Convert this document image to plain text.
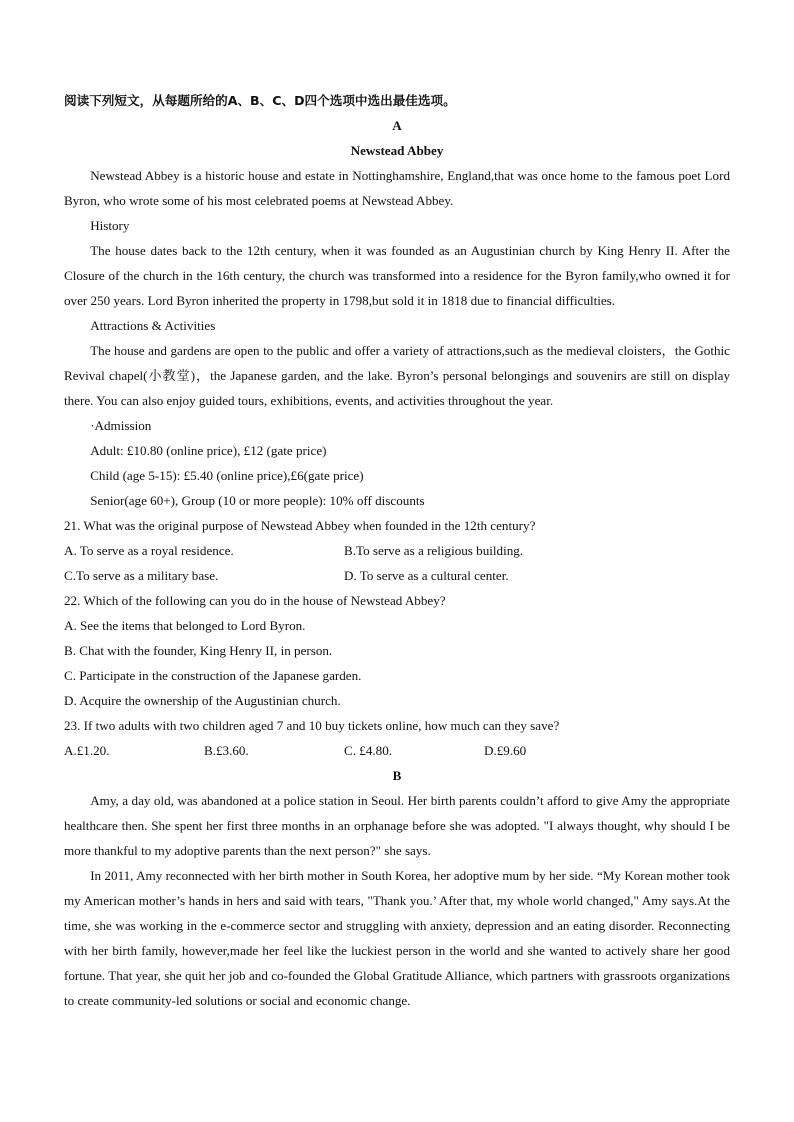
阅读下列短文，从每题所给的A、B、C、D四个选项中选出最佳选项。

A

Newstead Abbey

Newstead Abbey is a historic house and estate in Nottinghamshire, England,that was once home to the famous poet Lord Byron, who wrote some of his most celebrated poems at Newstead Abbey.

History

The house dates back to the 12th century, when it was founded as an Augustinian church by King Henry II. After the Closure of the church in the 16th century, the church was transformed into a residence for the Byron family,who owned it for over 250 years. Lord Byron inherited the property in 1798,but sold it in 1818 due to financial difficulties.

Attractions & Activities

The house and gardens are open to the public and offer a variety of attractions,such as the medieval cloisters，the Gothic Revival chapel(小教堂)，the Japanese garden, and the lake. Byron’s personal belongings and souvenirs are still on display there. You can also enjoy guided tours, exhibitions, events, and activities throughout the year.

·Admission

Adult: £10.80 (online price), £12 (gate price)

Child (age 5-15): £5.40 (online price),£6(gate price)

Senior(age 60+), Group (10 or more people): 10% off discounts

21. What was the original purpose of Newstead Abbey when founded in the 12th century?

A. To serve as a royal residence.	B.To serve as a religious building.
C.To serve as a military base.	D. To serve as a cultural center.

22. Which of the following can you do in the house of Newstead Abbey?

A. See the items that belonged to Lord Byron.

B. Chat with the founder, King Henry II, in person.

C. Participate in the construction of the Japanese garden.

D. Acquire the ownership of the Augustinian church.

23. If two adults with two children aged 7 and 10 buy tickets online, how much can they save?

A.£1.20.	B.£3.60.	C. £4.80.	D.£9.60

B

Amy, a day old, was abandoned at a police station in Seoul. Her birth parents couldn’t afford to give Amy the appropriate healthcare then. She spent her first three months in an orphanage before she was adopted. "I always thought, why should I be more thankful to my adoptive parents than the next person?" she says.

In 2011, Amy reconnected with her birth mother in South Korea, her adoptive mum by her side. “My Korean mother took my American mother’s hands in hers and said with tears, "Thank you.’ After that, my whole world changed," Amy says.At the time, she was working in the e-commerce sector and struggling with anxiety, depression and an eating disorder. Reconnecting with her birth family, however,made her feel like the luckiest person in the world and she wanted to actively share her good fortune. That year, she quit her job and co-founded the Global Gratitude Alliance, which partners with grassroots organizations to create community-led solutions or social and economic change.
